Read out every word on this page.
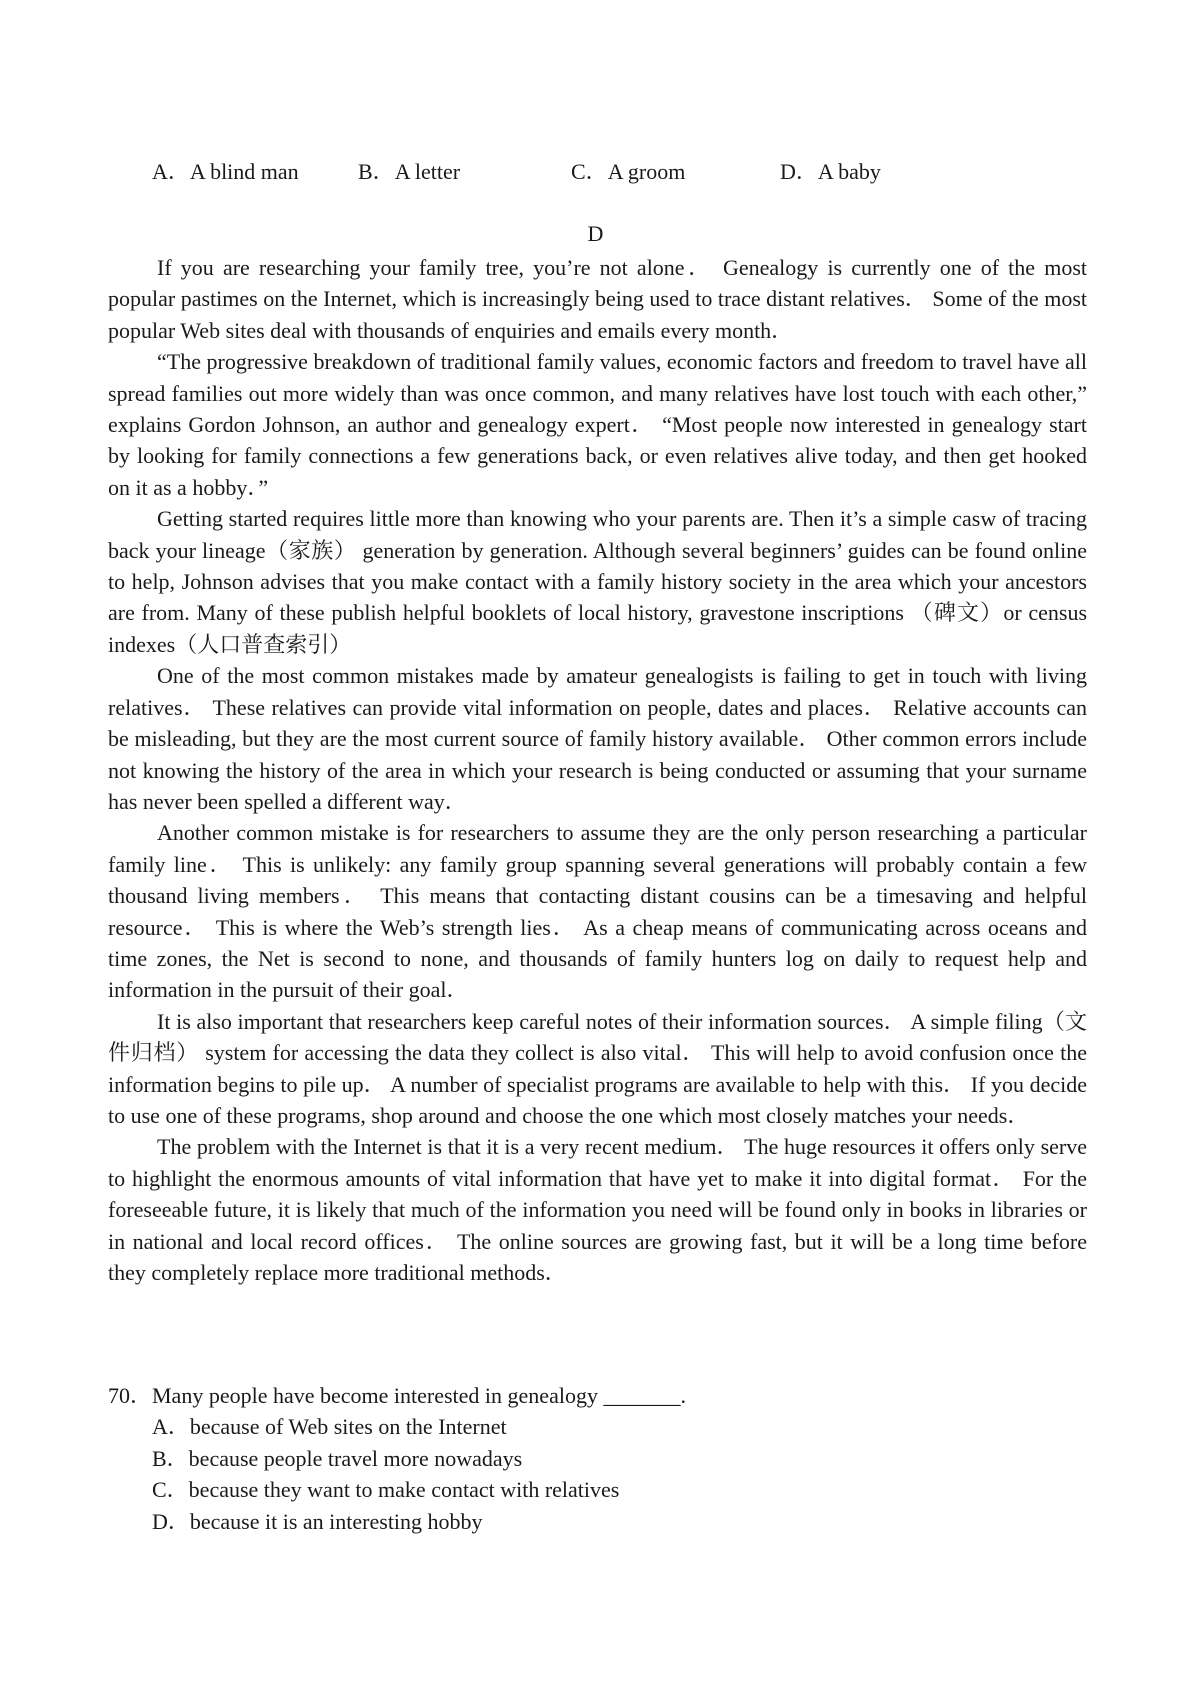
A．A blind man	B．A letter	C．A groom	D．A baby
D

If you are researching your family tree, you’re not alone． Genealogy is currently one of the most popular pastimes on the Internet, which is increasingly being used to trace distant relatives． Some of the most popular Web sites deal with thousands of enquiries and emails every month．

“The progressive breakdown of traditional family values, economic factors and freedom to travel have all spread families out more widely than was once common, and many relatives have lost touch with each other,” explains Gordon Johnson, an author and genealogy expert． “Most people now interested in genealogy start by looking for family connections a few generations back, or even relatives alive today, and then get hooked on it as a hobby．”

Getting started requires little more than knowing who your parents are. Then it’s a simple casw of tracing back your lineage（家族） generation by generation. Although several beginners’ guides can be found online to help, Johnson advises that you make contact with a family history society in the area which your ancestors are from. Many of these publish helpful booklets of local history, gravestone inscriptions （碑文）or census indexes（人口普查索引）

One of the most common mistakes made by amateur genealogists is failing to get in touch with living relatives． These relatives can provide vital information on people, dates and places． Relative accounts can be misleading, but they are the most current source of family history available． Other common errors include not knowing the history of the area in which your research is being conducted or assuming that your surname has never been spelled a different way．

Another common mistake is for researchers to assume they are the only person researching a particular family line． This is unlikely: any family group spanning several generations will probably contain a few thousand living members． This means that contacting distant cousins can be a timesaving and helpful resource． This is where the Web’s strength lies． As a cheap means of communicating across oceans and time zones, the Net is second to none, and thousands of family hunters log on daily to request help and information in the pursuit of their goal．

It is also important that researchers keep careful notes of their information sources． A simple filing（文件归档） system for accessing the data they collect is also vital． This will help to avoid confusion once the information begins to pile up． A number of specialist programs are available to help with this． If you decide to use one of these programs, shop around and choose the one which most closely matches your needs．

The problem with the Internet is that it is a very recent medium． The huge resources it offers only serve to highlight the enormous amounts of vital information that have yet to make it into digital format． For the foreseeable future, it is likely that much of the information you need will be found only in books in libraries or in national and local record offices． The online sources are growing fast, but it will be a long time before they completely replace more traditional methods．

70．Many people have become interested in genealogy _______.

A．because of Web sites on the Internet
B．because people travel more nowadays
C．because they want to make contact with relatives
D．because it is an interesting hobby
